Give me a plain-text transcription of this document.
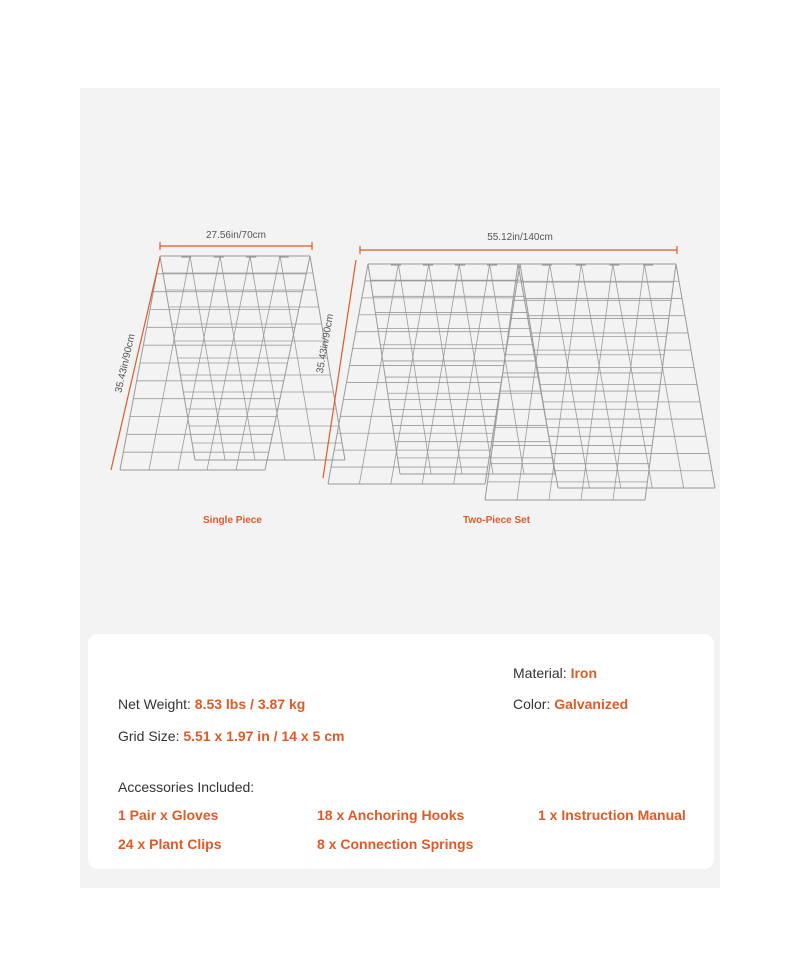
27.56in/70cm
35.43in/90cm
55.12in/140cm
35.43in/90cm
Single Piece	Two-Piece Set
Material: Iron
Color: Galvanized
Net Weight: 8.53 lbs / 3.87 kg
Grid Size: 5.51 x 1.97 in / 14 x 5 cm
Accessories Included:
1 Pair x Gloves	18 x Anchoring Hooks	1 x Instruction Manual
24 x Plant Clips	8 x Connection Springs
